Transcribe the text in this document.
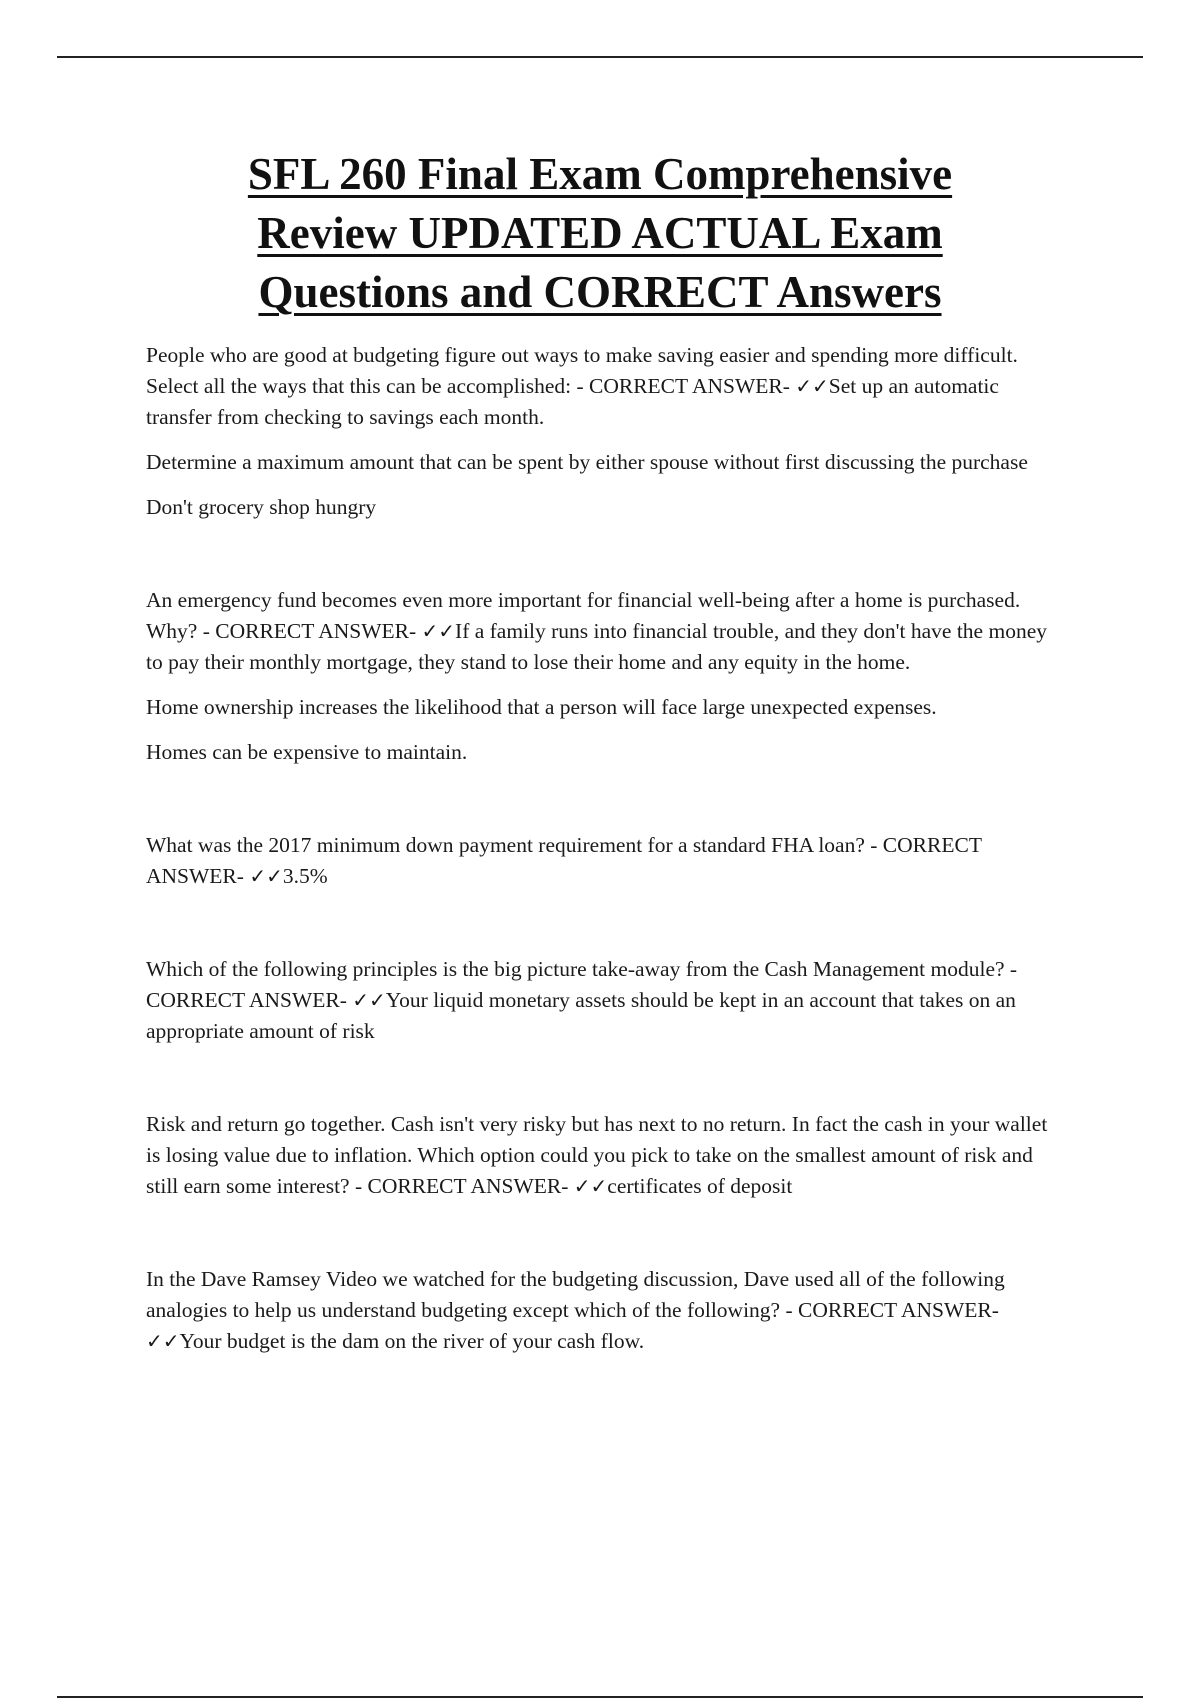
SFL 260 Final Exam Comprehensive
Review UPDATED ACTUAL Exam
Questions and CORRECT Answers

People who are good at budgeting figure out ways to make saving easier and spending more difficult. Select all the ways that this can be accomplished: - CORRECT ANSWER- ✓✓Set up an automatic transfer from checking to savings each month.

Determine a maximum amount that can be spent by either spouse without first discussing the purchase

Don't grocery shop hungry

An emergency fund becomes even more important for financial well-being after a home is purchased. Why? - CORRECT ANSWER- ✓✓If a family runs into financial trouble, and they don't have the money to pay their monthly mortgage, they stand to lose their home and any equity in the home.

Home ownership increases the likelihood that a person will face large unexpected expenses.

Homes can be expensive to maintain.

What was the 2017 minimum down payment requirement for a standard FHA loan? - CORRECT ANSWER- ✓✓3.5%

Which of the following principles is the big picture take-away from the Cash Management module? - CORRECT ANSWER- ✓✓Your liquid monetary assets should be kept in an account that takes on an appropriate amount of risk

Risk and return go together. Cash isn't very risky but has next to no return. In fact the cash in your wallet is losing value due to inflation. Which option could you pick to take on the smallest amount of risk and still earn some interest? - CORRECT ANSWER- ✓✓certificates of deposit

In the Dave Ramsey Video we watched for the budgeting discussion, Dave used all of the following analogies to help us understand budgeting except which of the following? - CORRECT ANSWER- ✓✓Your budget is the dam on the river of your cash flow.
